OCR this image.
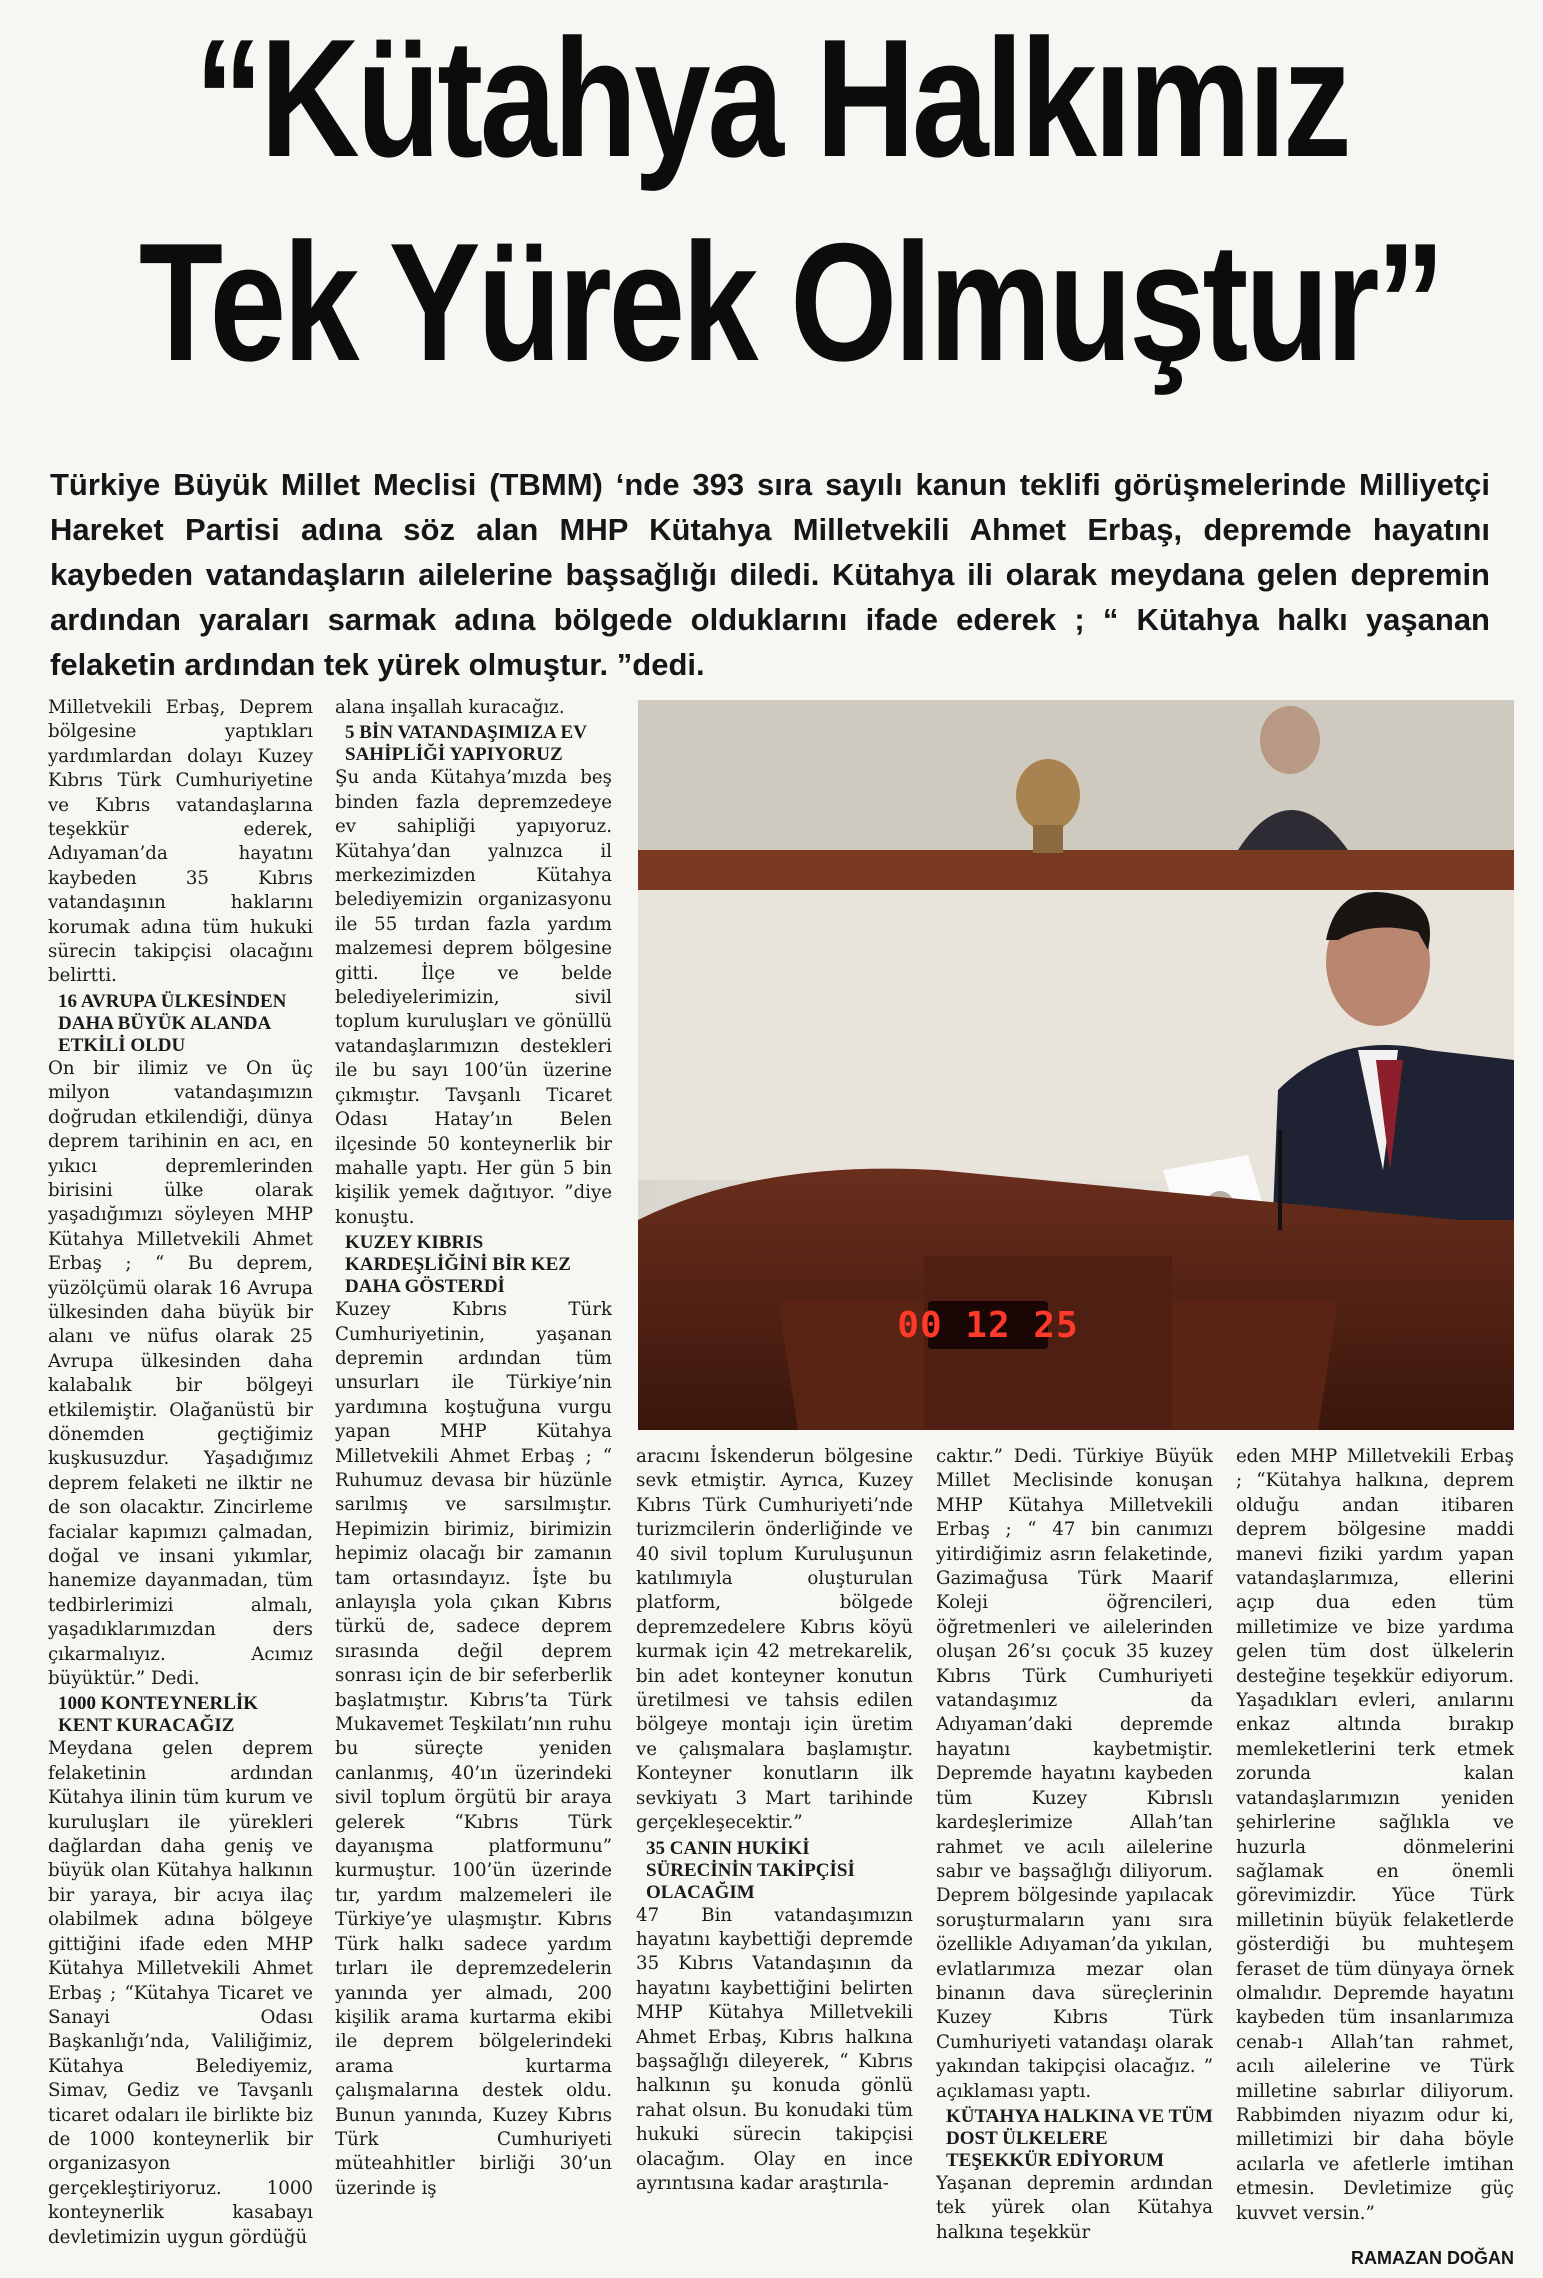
“Kütahya Halkımız
Tek Yürek Olmuştur”

Türkiye Büyük Millet Meclisi (TBMM) ‘nde 393 sıra sayılı kanun teklifi görüşmelerinde Milliyetçi Hareket Partisi adına söz alan MHP Kütahya Milletvekili Ahmet Erbaş, depremde hayatını kaybeden vatandaşların ailelerine başsağlığı diledi. Kütahya ili olarak meydana gelen depremin ardından yaraları sarmak adına bölgede olduklarını ifade ederek ; “ Kütahya halkı yaşanan felaketin ardından tek yürek olmuştur. ”dedi.

00 12 25

Milletvekili Erbaş, Deprem bölgesine yaptıkları yardımlardan dolayı Kuzey Kıbrıs Türk Cumhuriyetine ve Kıbrıs vatandaşlarına teşekkür ederek, Adıyaman’da hayatını kaybeden 35 Kıbrıs vatandaşının haklarını korumak adına tüm hukuki sürecin takipçisi olacağını belirtti.

16 AVRUPA ÜLKESİNDEN DAHA BÜYÜK ALANDA ETKİLİ OLDU

On bir ilimiz ve On üç milyon vatandaşımızın doğrudan etkilendiği, dünya deprem tarihinin en acı, en yıkıcı depremlerinden birisini ülke olarak yaşadığımızı söyleyen MHP Kütahya Milletvekili Ahmet Erbaş ; “ Bu deprem, yüzölçümü olarak 16 Avrupa ülkesinden daha büyük bir alanı ve nüfus olarak 25 Avrupa ülkesinden daha kalabalık bir bölgeyi etkilemiştir. Olağanüstü bir dönemden geçtiğimiz kuşkusuzdur. Yaşadığımız deprem felaketi ne ilktir ne de son olacaktır. Zincirleme facialar kapımızı çalmadan, doğal ve insani yıkımlar, hanemize dayanmadan, tüm tedbirlerimizi almalı, yaşadıklarımızdan ders çıkarmalıyız. Acımız büyüktür.” Dedi.

1000 KONTEYNERLİK KENT KURACAĞIZ

Meydana gelen deprem felaketinin ardından Kütahya ilinin tüm kurum ve kuruluşları ile yürekleri dağlardan daha geniş ve büyük olan Kütahya halkının bir yaraya, bir acıya ilaç olabilmek adına bölgeye gittiğini ifade eden MHP Kütahya Milletvekili Ahmet Erbaş ; “Kütahya Ticaret ve Sanayi Odası Başkanlığı’nda, Valiliğimiz, Kütahya Belediyemiz, Simav, Gediz ve Tavşanlı ticaret odaları ile birlikte biz de 1000 konteynerlik bir organizasyon gerçekleştiriyoruz. 1000 konteynerlik kasabayı devletimizin uygun gördüğü

alana inşallah kuracağız.

5 BİN VATANDAŞIMIZA EV SAHİPLİĞİ YAPIYORUZ

Şu anda Kütahya’mızda beş binden fazla depremzedeye ev sahipliği yapıyoruz. Kütahya’dan yalnızca il merkezimizden Kütahya belediyemizin organizasyonu ile 55 tırdan fazla yardım malzemesi deprem bölgesine gitti. İlçe ve belde belediyelerimizin, sivil toplum kuruluşları ve gönüllü vatandaşlarımızın destekleri ile bu sayı 100’ün üzerine çıkmıştır. Tavşanlı Ticaret Odası Hatay’ın Belen ilçesinde 50 konteynerlik bir mahalle yaptı. Her gün 5 bin kişilik yemek dağıtıyor. ”diye konuştu.

KUZEY KIBRIS KARDEŞLİĞİNİ BİR KEZ DAHA GÖSTERDİ

Kuzey Kıbrıs Türk Cumhuriyetinin, yaşanan depremin ardından tüm unsurları ile Türkiye’nin yardımına koştuğuna vurgu yapan MHP Kütahya Milletvekili Ahmet Erbaş ; “ Ruhumuz devasa bir hüzünle sarılmış ve sarsılmıştır. Hepimizin birimiz, birimizin hepimiz olacağı bir zamanın tam ortasındayız. İşte bu anlayışla yola çıkan Kıbrıs türkü de, sadece deprem sırasında değil deprem sonrası için de bir seferberlik başlatmıştır. Kıbrıs’ta Türk Mukavemet Teşkilatı’nın ruhu bu süreçte yeniden canlanmış, 40’ın üzerindeki sivil toplum örgütü bir araya gelerek “Kıbrıs Türk dayanışma platformunu” kurmuştur. 100’ün üzerinde tır, yardım malzemeleri ile Türkiye’ye ulaşmıştır. Kıbrıs Türk halkı sadece yardım tırları ile depremzedelerin yanında yer almadı, 200 kişilik arama kurtarma ekibi ile deprem bölgelerindeki arama kurtarma çalışmalarına destek oldu. Bunun yanında, Kuzey Kıbrıs Türk Cumhuriyeti müteahhitler birliği 30’un üzerinde iş

aracını İskenderun bölgesine sevk etmiştir. Ayrıca, Kuzey Kıbrıs Türk Cumhuriyeti’nde turizmcilerin önderliğinde ve 40 sivil toplum Kuruluşunun katılımıyla oluşturulan platform, bölgede depremzedelere Kıbrıs köyü kurmak için 42 metrekarelik, bin adet konteyner konutun üretilmesi ve tahsis edilen bölgeye montajı için üretim ve çalışmalara başlamıştır. Konteyner konutların ilk sevkiyatı 3 Mart tarihinde gerçekleşecektir.”

35 CANIN HUKİKİ SÜRECİNİN TAKİPÇİSİ OLACAĞIM

47 Bin vatandaşımızın hayatını kaybettiği depremde 35 Kıbrıs Vatandaşının da hayatını kaybettiğini belirten MHP Kütahya Milletvekili Ahmet Erbaş, Kıbrıs halkına başsağlığı dileyerek, “ Kıbrıs halkının şu konuda gönlü rahat olsun. Bu konudaki tüm hukuki sürecin takipçisi olacağım. Olay en ince ayrıntısına kadar araştırıla-

caktır.” Dedi. Türkiye Büyük Millet Meclisinde konuşan MHP Kütahya Milletvekili Erbaş ; “ 47 bin canımızı yitirdiğimiz asrın felaketinde, Gazimağusa Türk Maarif Koleji öğrencileri, öğretmenleri ve ailelerinden oluşan 26’sı çocuk 35 kuzey Kıbrıs Türk Cumhuriyeti vatandaşımız da Adıyaman’daki depremde hayatını kaybetmiştir. Depremde hayatını kaybeden tüm Kuzey Kıbrıslı kardeşlerimize Allah’tan rahmet ve acılı ailelerine sabır ve başsağlığı diliyorum. Deprem bölgesinde yapılacak soruşturmaların yanı sıra özellikle Adıyaman’da yıkılan, evlatlarımıza mezar olan binanın dava süreçlerinin Kuzey Kıbrıs Türk Cumhuriyeti vatandaşı olarak yakından takipçisi olacağız. ” açıklaması yaptı.

KÜTAHYA HALKINA VE TÜM DOST ÜLKELERE TEŞEKKÜR EDİYORUM

Yaşanan depremin ardından tek yürek olan Kütahya halkına teşekkür

eden MHP Milletvekili Erbaş ; “Kütahya halkına, deprem olduğu andan itibaren deprem bölgesine maddi manevi fiziki yardım yapan vatandaşlarımıza, ellerini açıp dua eden tüm milletimize ve bize yardıma gelen tüm dost ülkelerin desteğine teşekkür ediyorum. Yaşadıkları evleri, anılarını enkaz altında bırakıp memleketlerini terk etmek zorunda kalan vatandaşlarımızın yeniden şehirlerine sağlıkla ve huzurla dönmelerini sağlamak en önemli görevimizdir. Yüce Türk milletinin büyük felaketlerde gösterdiği bu muhteşem feraset de tüm dünyaya örnek olmalıdır. Depremde hayatını kaybeden tüm insanlarımıza cenab-ı Allah’tan rahmet, acılı ailelerine ve Türk milletine sabırlar diliyorum. Rabbimden niyazım odur ki, milletimizi bir daha böyle acılarla ve afetlerle imtihan etmesin. Devletimize güç kuvvet versin.”

RAMAZAN DOĞAN
